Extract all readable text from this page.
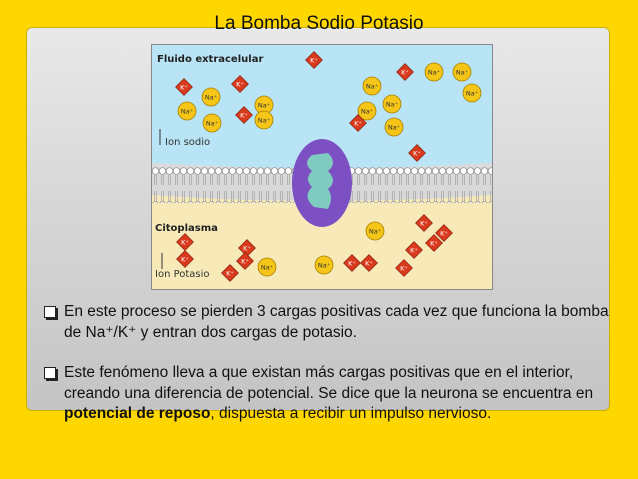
La Bomba Sodio Potasio
Fluido extracelular
Citoplasma
Ion sodio
Ion Potasio
Na⁺
Na⁺
Na⁺	Na⁺
Na⁺
Na⁺
Na⁺
Na⁺
Na⁺
Na⁺ Na⁺
Na⁺
Na⁺
Na⁺	Na⁺
K⁺	K⁺
K⁺
K⁺
K⁺
K⁺
K⁺
K⁺
K⁺
K⁺
K⁺
K⁺ K⁺
K⁺
K⁺
K⁺
K⁺
K⁺
K⁺
En este proceso se pierden 3 cargas positivas cada vez que funciona la bomba de Na⁺/K⁺ y entran dos cargas de potasio.
Este fenómeno lleva a que existan más cargas positivas que en el interior, creando una diferencia de potencial. Se dice que la neurona se encuentra en potencial de reposo, dispuesta a recibir un impulso nervioso.
